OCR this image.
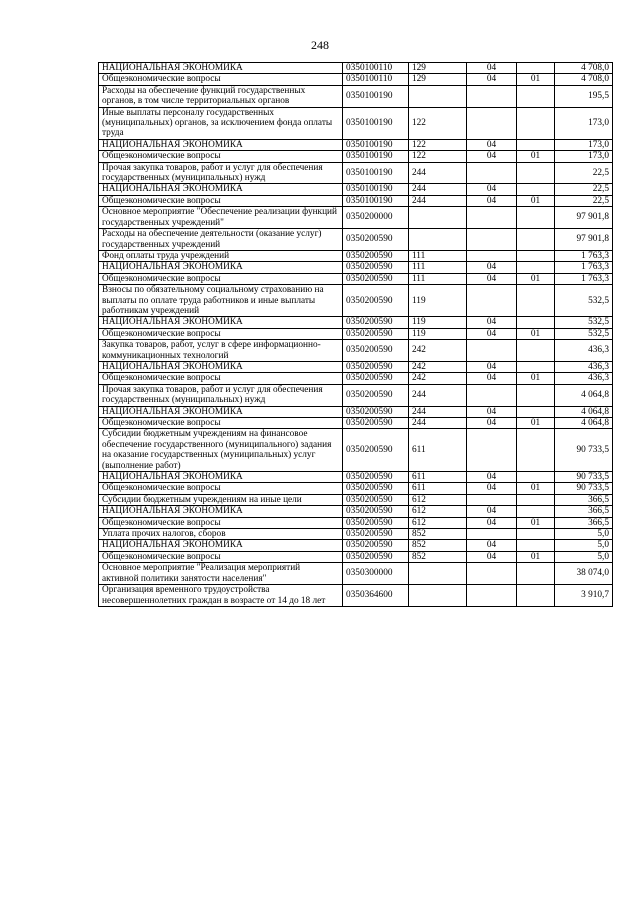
248
НАЦИОНАЛЬНАЯ ЭКОНОМИКА	0350100110	129	04		4 708,0
Общеэкономические вопросы	0350100110	129	04	01	4 708,0
Расходы на обеспечение функций государственных органов, в том числе территориальных органов	0350100190				195,5
Иные выплаты персоналу государственных (муниципальных) органов, за исключением фонда оплаты труда	0350100190	122			173,0
НАЦИОНАЛЬНАЯ ЭКОНОМИКА	0350100190	122	04		173,0
Общеэкономические вопросы	0350100190	122	04	01	173,0
Прочая закупка товаров, работ и услуг для обеспечения государственных (муниципальных) нужд	0350100190	244			22,5
НАЦИОНАЛЬНАЯ ЭКОНОМИКА	0350100190	244	04		22,5
Общеэкономические вопросы	0350100190	244	04	01	22,5
Основное мероприятие "Обеспечение реализации функций государственных учреждений"	0350200000				97 901,8
Расходы на обеспечение деятельности (оказание услуг) государственных учреждений	0350200590				97 901,8
Фонд оплаты труда учреждений	0350200590	111			1 763,3
НАЦИОНАЛЬНАЯ ЭКОНОМИКА	0350200590	111	04		1 763,3
Общеэкономические вопросы	0350200590	111	04	01	1 763,3
Взносы по обязательному социальному страхованию на выплаты по оплате труда работников и иные выплаты работникам учреждений	0350200590	119			532,5
НАЦИОНАЛЬНАЯ ЭКОНОМИКА	0350200590	119	04		532,5
Общеэкономические вопросы	0350200590	119	04	01	532,5
Закупка товаров, работ, услуг в сфере информационно-коммуникационных технологий	0350200590	242			436,3
НАЦИОНАЛЬНАЯ ЭКОНОМИКА	0350200590	242	04		436,3
Общеэкономические вопросы	0350200590	242	04	01	436,3
Прочая закупка товаров, работ и услуг для обеспечения государственных (муниципальных) нужд	0350200590	244			4 064,8
НАЦИОНАЛЬНАЯ ЭКОНОМИКА	0350200590	244	04		4 064,8
Общеэкономические вопросы	0350200590	244	04	01	4 064,8
Субсидии бюджетным учреждениям на финансовое обеспечение государственного (муниципального) задания на оказание государственных (муниципальных) услуг (выполнение работ)	0350200590	611			90 733,5
НАЦИОНАЛЬНАЯ ЭКОНОМИКА	0350200590	611	04		90 733,5
Общеэкономические вопросы	0350200590	611	04	01	90 733,5
Субсидии бюджетным учреждениям на иные цели	0350200590	612			366,5
НАЦИОНАЛЬНАЯ ЭКОНОМИКА	0350200590	612	04		366,5
Общеэкономические вопросы	0350200590	612	04	01	366,5
Уплата прочих налогов, сборов	0350200590	852			5,0
НАЦИОНАЛЬНАЯ ЭКОНОМИКА	0350200590	852	04		5,0
Общеэкономические вопросы	0350200590	852	04	01	5,0
Основное мероприятие "Реализация мероприятий активной политики занятости населения"	0350300000				38 074,0
Организация временного трудоустройства несовершеннолетних граждан в возрасте от 14 до 18 лет	0350364600				3 910,7
